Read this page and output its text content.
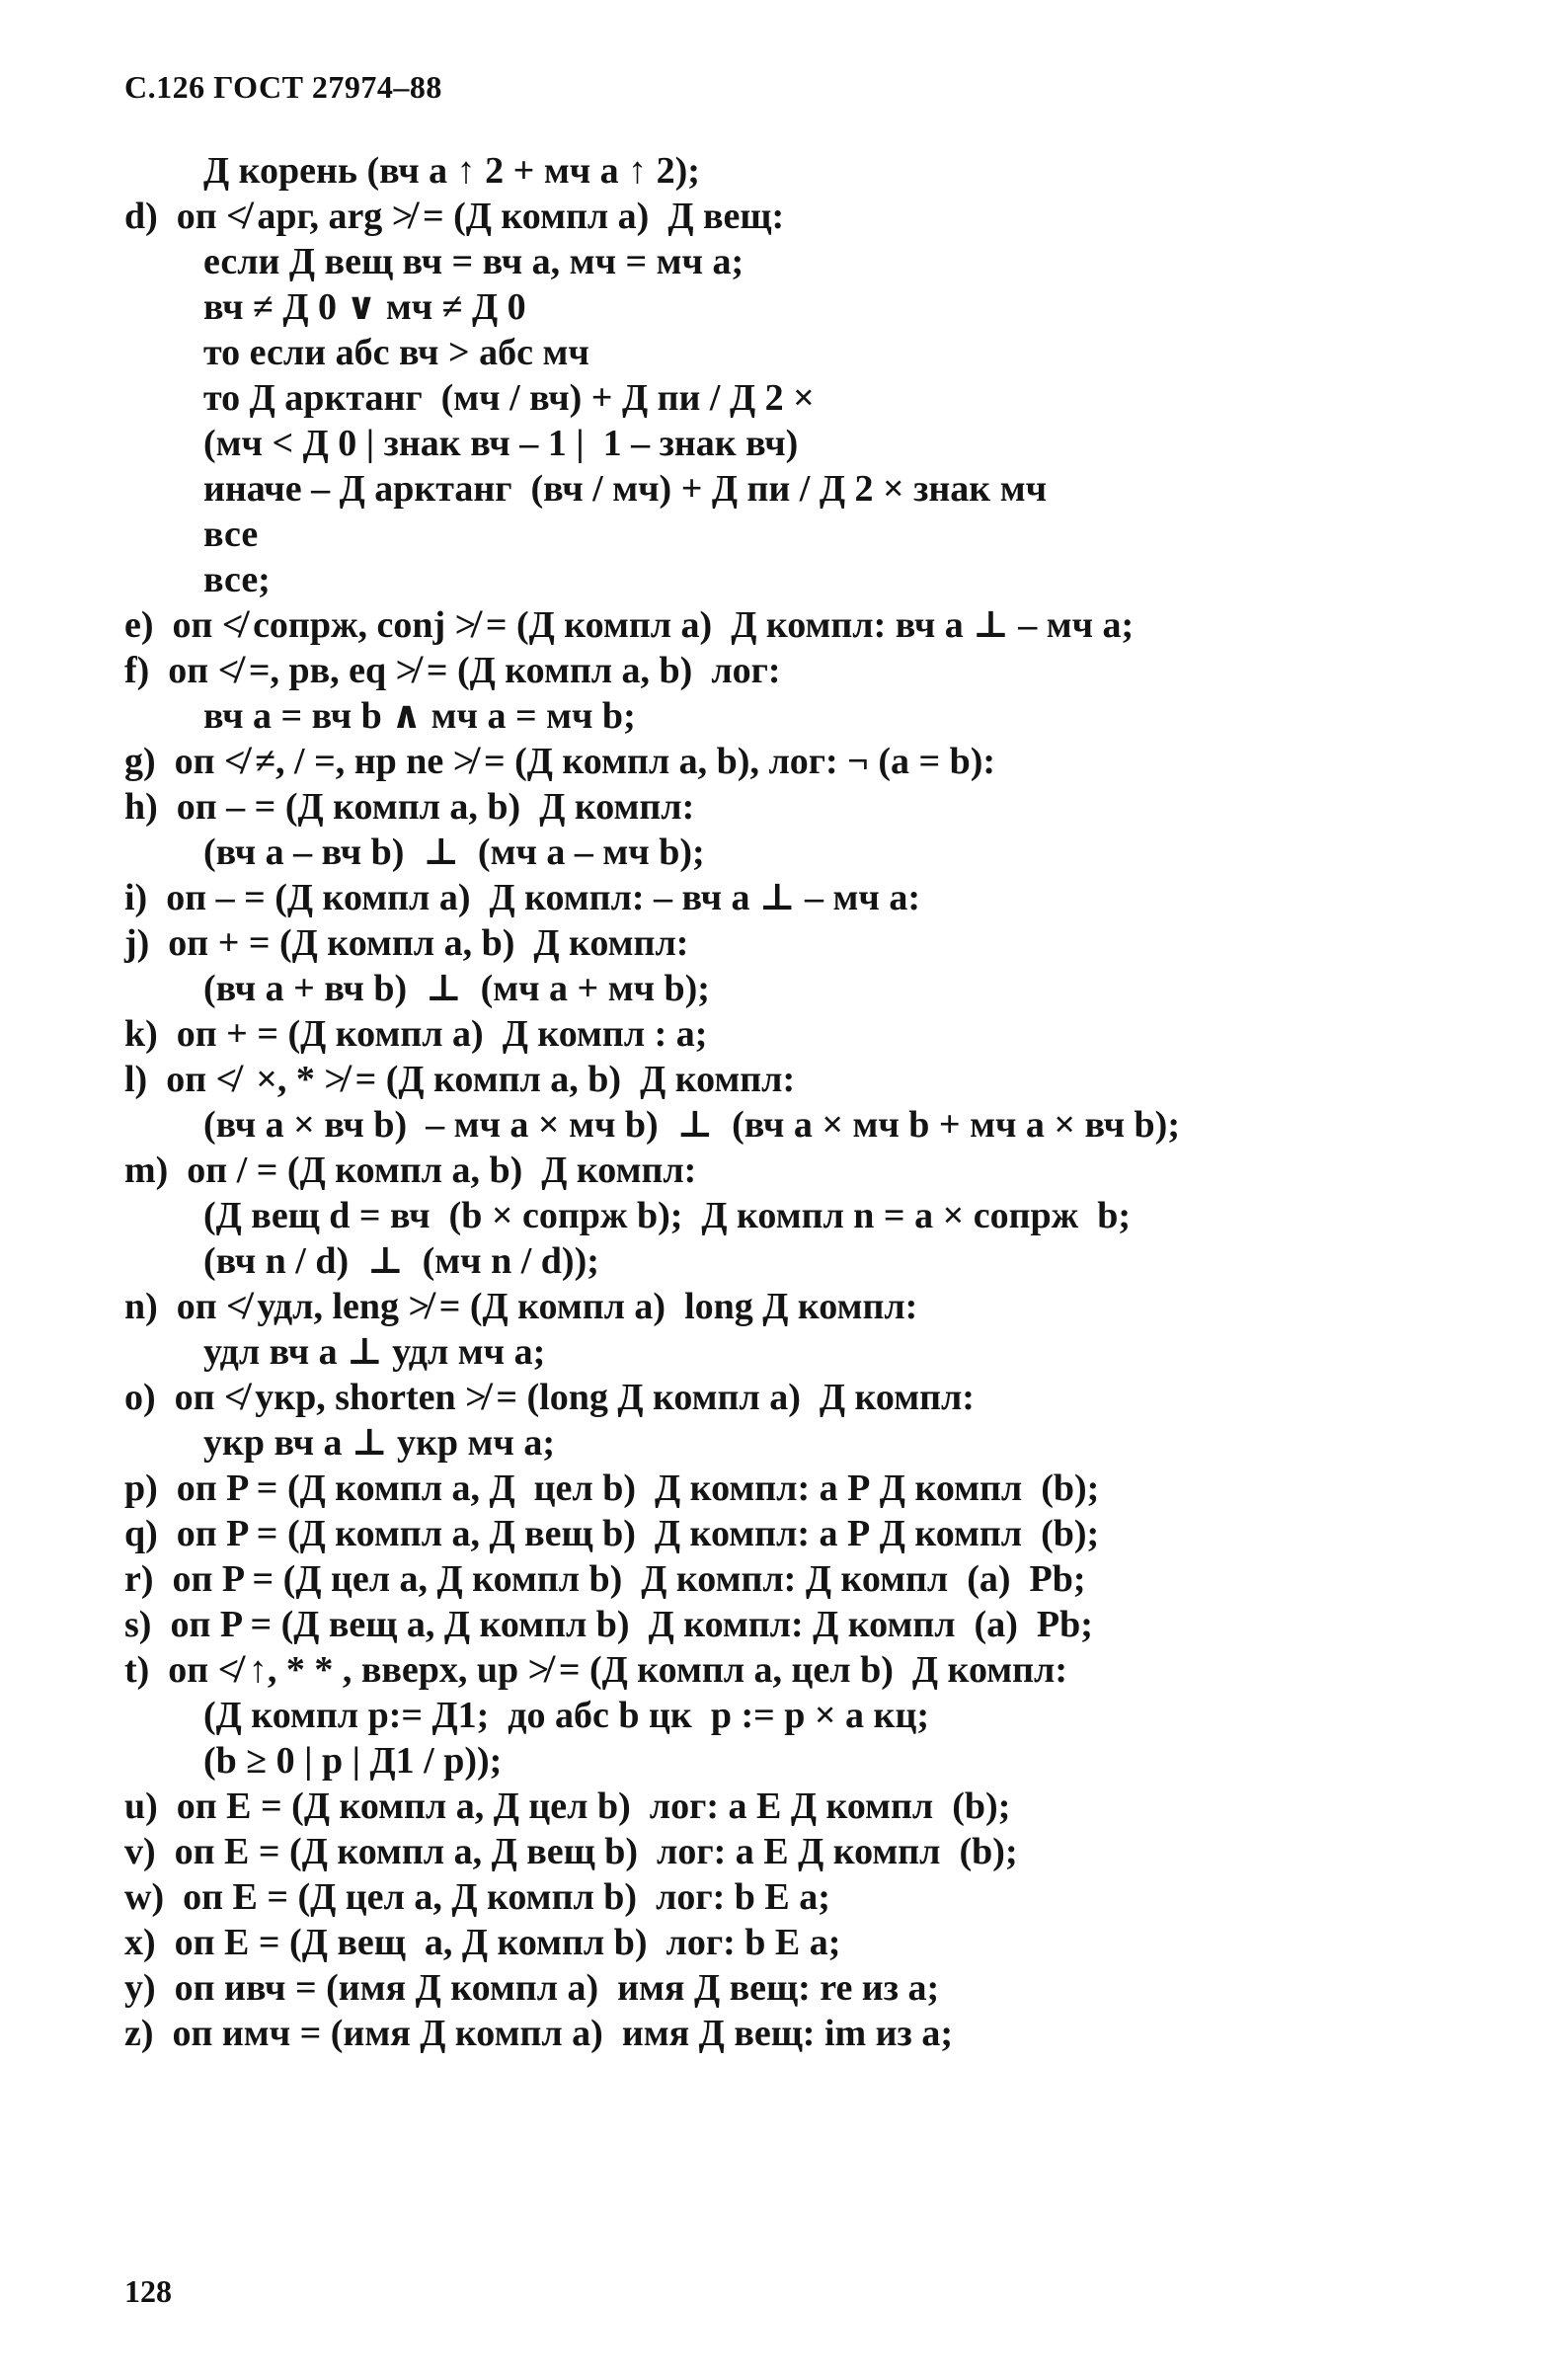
С.126 ГОСТ 27974–88
Д корень (вч а ↑ 2 + мч а ↑ 2);
d)  оп ≮ арг, arg ≯ = (Д компл а)  Д вещ:
если Д вещ вч = вч а, мч = мч а;
вч ≠ Д 0 ∨ мч ≠ Д 0
то если абс вч > абс мч
то Д арктанг  (мч / вч) + Д пи / Д 2 ×
(мч < Д 0 | знак вч – 1 |  1 – знак вч)
иначе – Д арктанг  (вч / мч) + Д пи / Д 2 × знак мч
все
все;
e)  оп ≮ сопрж, conj ≯ = (Д компл а)  Д компл: вч а ⊥ – мч а;
f)  оп ≮ =, рв, eq ≯ = (Д компл а, b)  лог:
вч а = вч b ∧ мч а = мч b;
g)  оп ≮ ≠, / =, нр ne ≯ = (Д компл а, b), лог: ¬ (а = b):
h)  оп – = (Д компл а, b)  Д компл:
(вч а – вч b)  ⊥  (мч а – мч b);
i)  оп – = (Д компл а)  Д компл: – вч а ⊥ – мч а:
j)  оп + = (Д компл а, b)  Д компл:
(вч а + вч b)  ⊥  (мч а + мч b);
k)  оп + = (Д компл а)  Д компл : а;
l)  оп ≮  ×, * ≯ = (Д компл а, b)  Д компл:
(вч а × вч b)  – мч а × мч b)  ⊥  (вч а × мч b + мч а × вч b);
m)  оп / = (Д компл а, b)  Д компл:
(Д вещ d = вч  (b × сопрж b);  Д компл n = а × сопрж  b;
(вч n / d)  ⊥  (мч n / d));
n)  оп ≮ удл, leng ≯ = (Д компл а)  long Д компл:
удл вч а ⊥ удл мч а;
o)  оп ≮ укр, shorten ≯ = (long Д компл а)  Д компл:
укр вч а ⊥ укр мч а;
p)  оп P = (Д компл а, Д  цел b)  Д компл: а Р Д компл  (b);
q)  оп P = (Д компл а, Д вещ b)  Д компл: а Р Д компл  (b);
r)  оп P = (Д цел а, Д компл b)  Д компл: Д компл  (а)  Pb;
s)  оп P = (Д вещ а, Д компл b)  Д компл: Д компл  (а)  Pb;
t)  оп ≮ ↑, * * , вверх, up ≯ = (Д компл а, цел b)  Д компл:
(Д компл р:= Д1;  до абс b цк  р := р × а кц;
(b ≥ 0 | р | Д1 / р));
u)  оп E = (Д компл а, Д цел b)  лог: а Е Д компл  (b);
v)  оп E = (Д компл а, Д вещ b)  лог: а Е Д компл  (b);
w)  оп E = (Д цел а, Д компл b)  лог: b Е а;
x)  оп E = (Д вещ  а, Д компл b)  лог: b Е а;
y)  оп ивч = (имя Д компл а)  имя Д вещ: re из а;
z)  оп имч = (имя Д компл а)  имя Д вещ: im из а;
128
